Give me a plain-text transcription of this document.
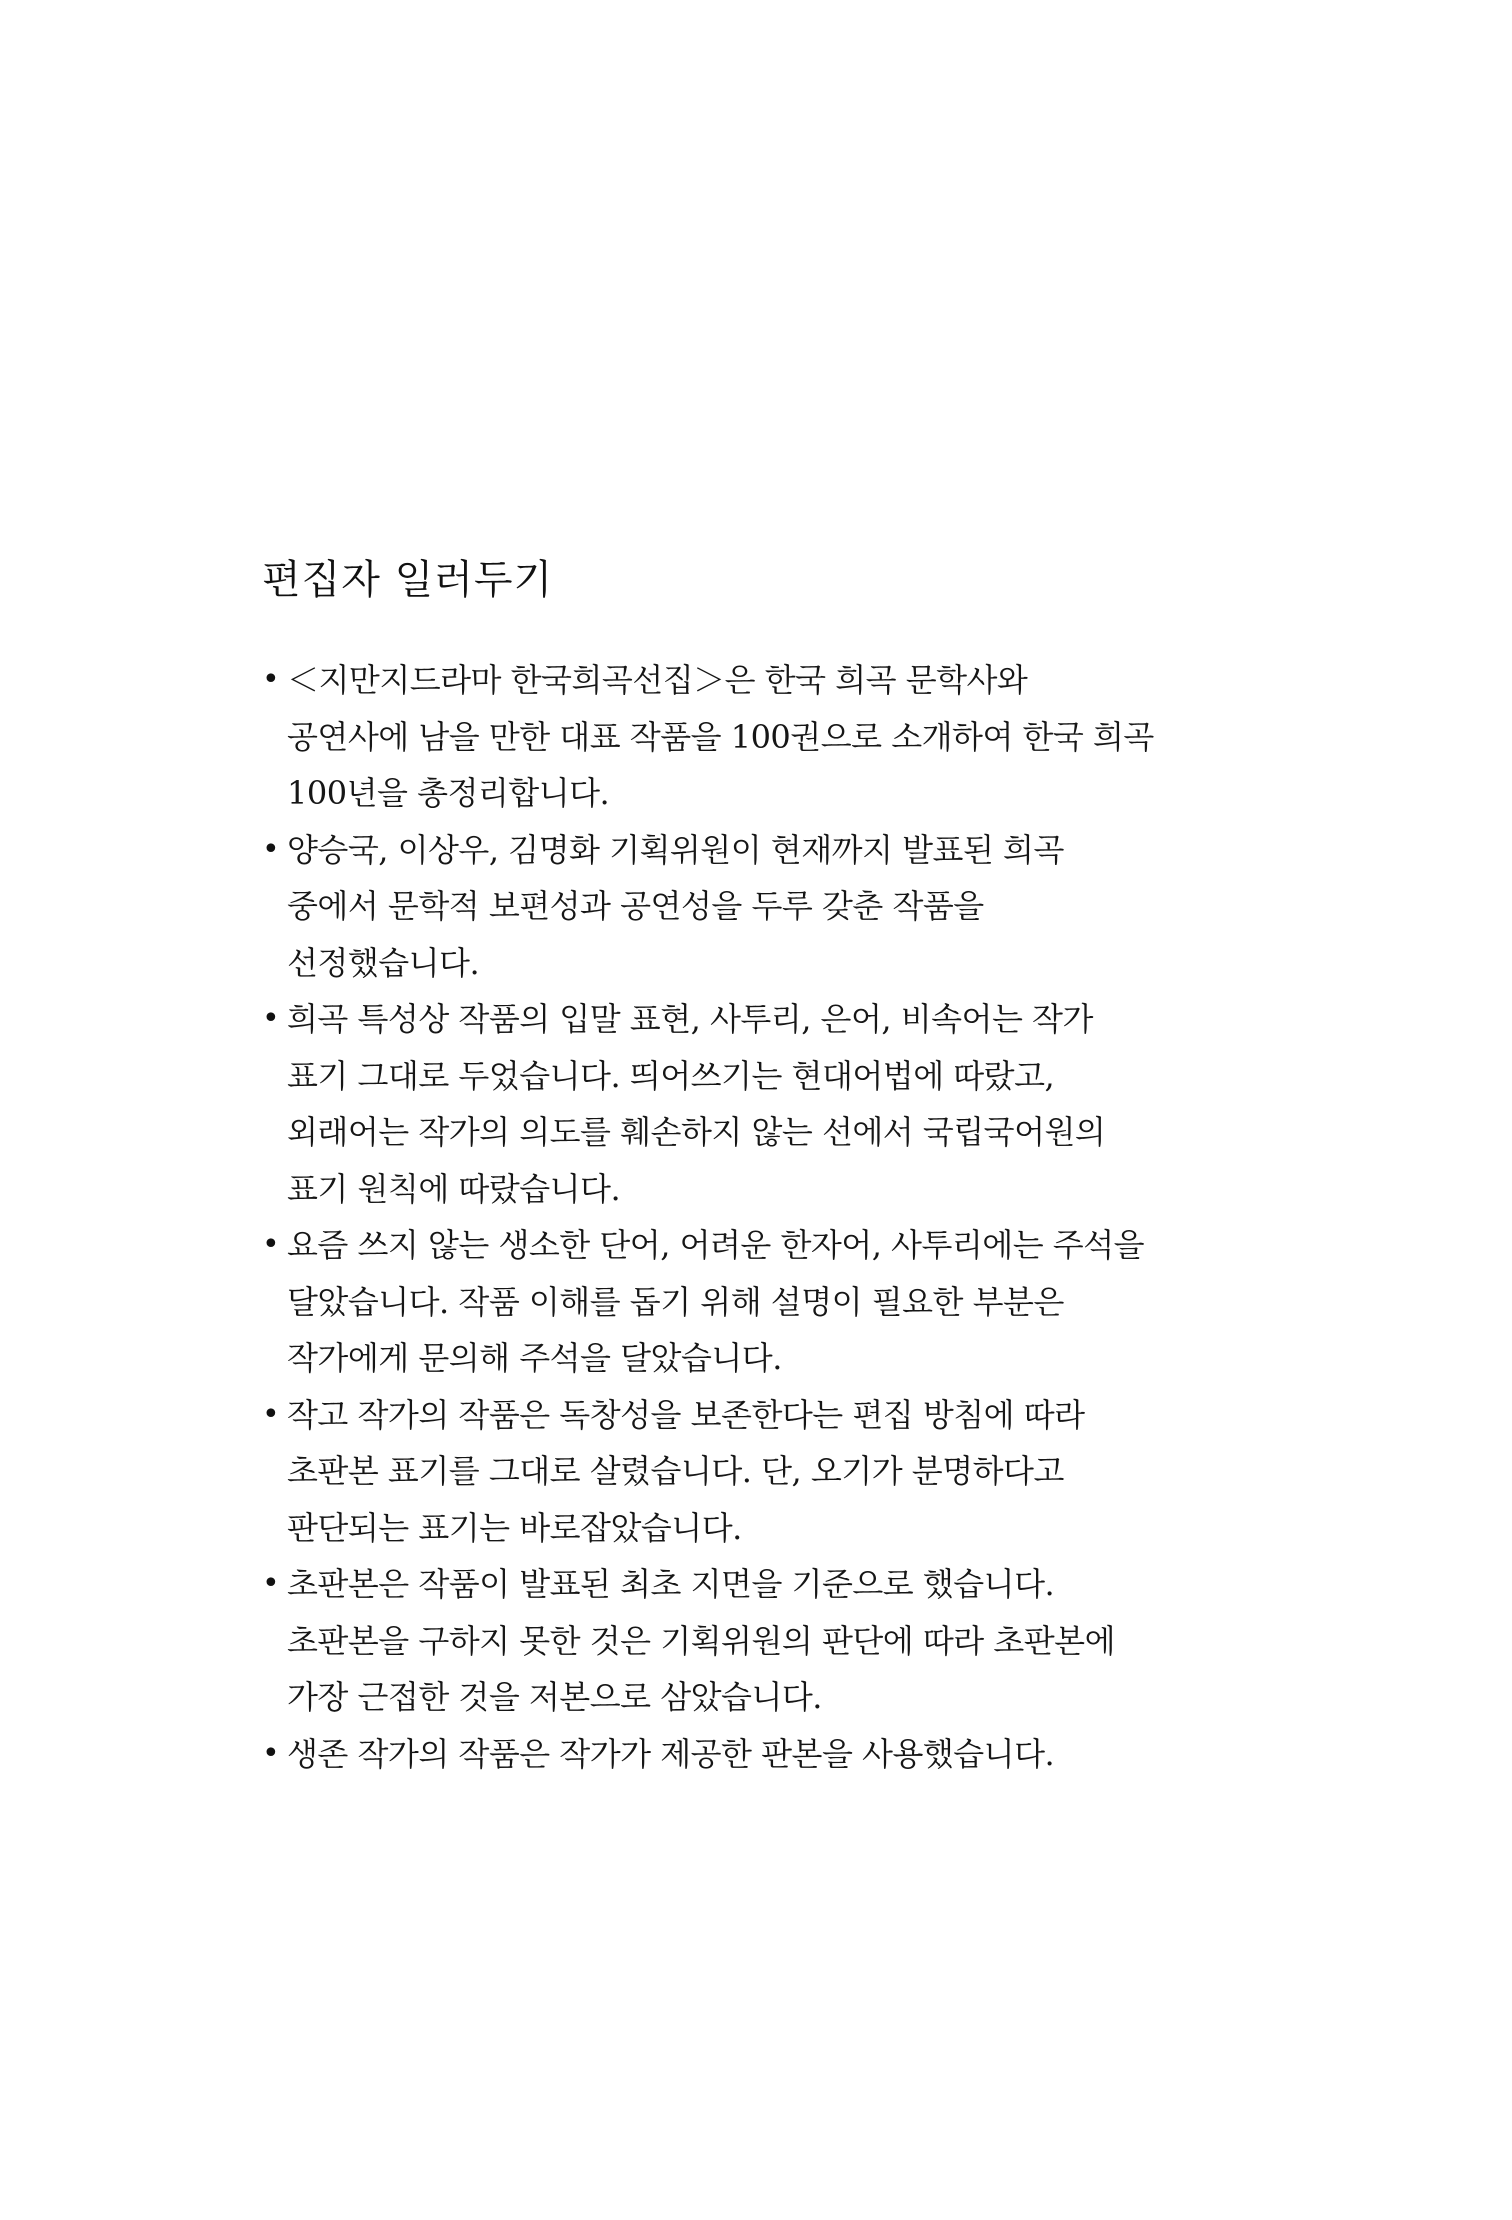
편집자 일러두기
• ＜지만지드라마 한국희곡선집＞은 한국 희곡 문학사와
공연사에 남을 만한 대표 작품을 100권으로 소개하여 한국 희곡
100년을 총정리합니다.
• 양승국, 이상우, 김명화 기획위원이 현재까지 발표된 희곡
중에서 문학적 보편성과 공연성을 두루 갖춘 작품을
선정했습니다.
• 희곡 특성상 작품의 입말 표현, 사투리, 은어, 비속어는 작가
표기 그대로 두었습니다. 띄어쓰기는 현대어법에 따랐고,
외래어는 작가의 의도를 훼손하지 않는 선에서 국립국어원의
표기 원칙에 따랐습니다.
• 요즘 쓰지 않는 생소한 단어, 어려운 한자어, 사투리에는 주석을
달았습니다. 작품 이해를 돕기 위해 설명이 필요한 부분은
작가에게 문의해 주석을 달았습니다.
• 작고 작가의 작품은 독창성을 보존한다는 편집 방침에 따라
초판본 표기를 그대로 살렸습니다. 단, 오기가 분명하다고
판단되는 표기는 바로잡았습니다.
• 초판본은 작품이 발표된 최초 지면을 기준으로 했습니다.
초판본을 구하지 못한 것은 기획위원의 판단에 따라 초판본에
가장 근접한 것을 저본으로 삼았습니다.
• 생존 작가의 작품은 작가가 제공한 판본을 사용했습니다.
